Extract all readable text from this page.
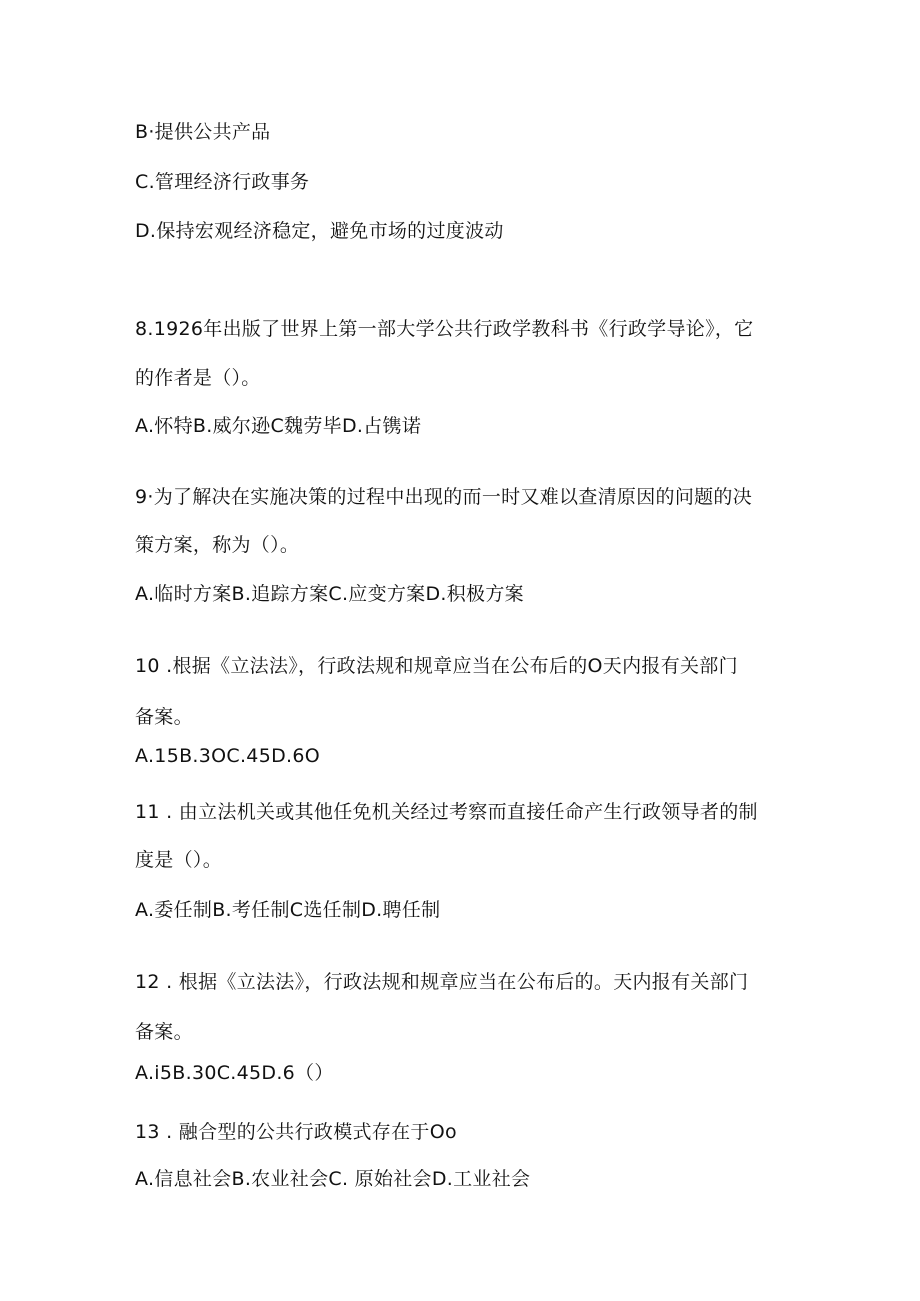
B·提供公共产品
C.管理经济行政事务
D.保持宏观经济稳定，避免市场的过度波动
8.1926年出版了世界上第一部大学公共行政学教科书《行政学导论》，它
的作者是（）。
A.怀特B.威尔逊C魏劳毕D.占镌诺
9·为了解决在实施决策的过程中出现的而一时又难以查清原因的问题的决
策方案，称为（）。
A.临时方案B.追踪方案C.应变方案D.积极方案
10 .根据《立法法》，行政法规和规章应当在公布后的O天内报有关部门
备案。
A.15B.3OC.45D.6O
11 . 由立法机关或其他任免机关经过考察而直接任命产生行政领导者的制
度是（）。
A.委任制B.考任制C选任制D.聘任制
12 . 根据《立法法》，行政法规和规章应当在公布后的。天内报有关部门
备案。
A.i5B.30C.45D.6（）
13 . 融合型的公共行政模式存在于Oo
A.信息社会B.农业社会C. 原始社会D.工业社会
